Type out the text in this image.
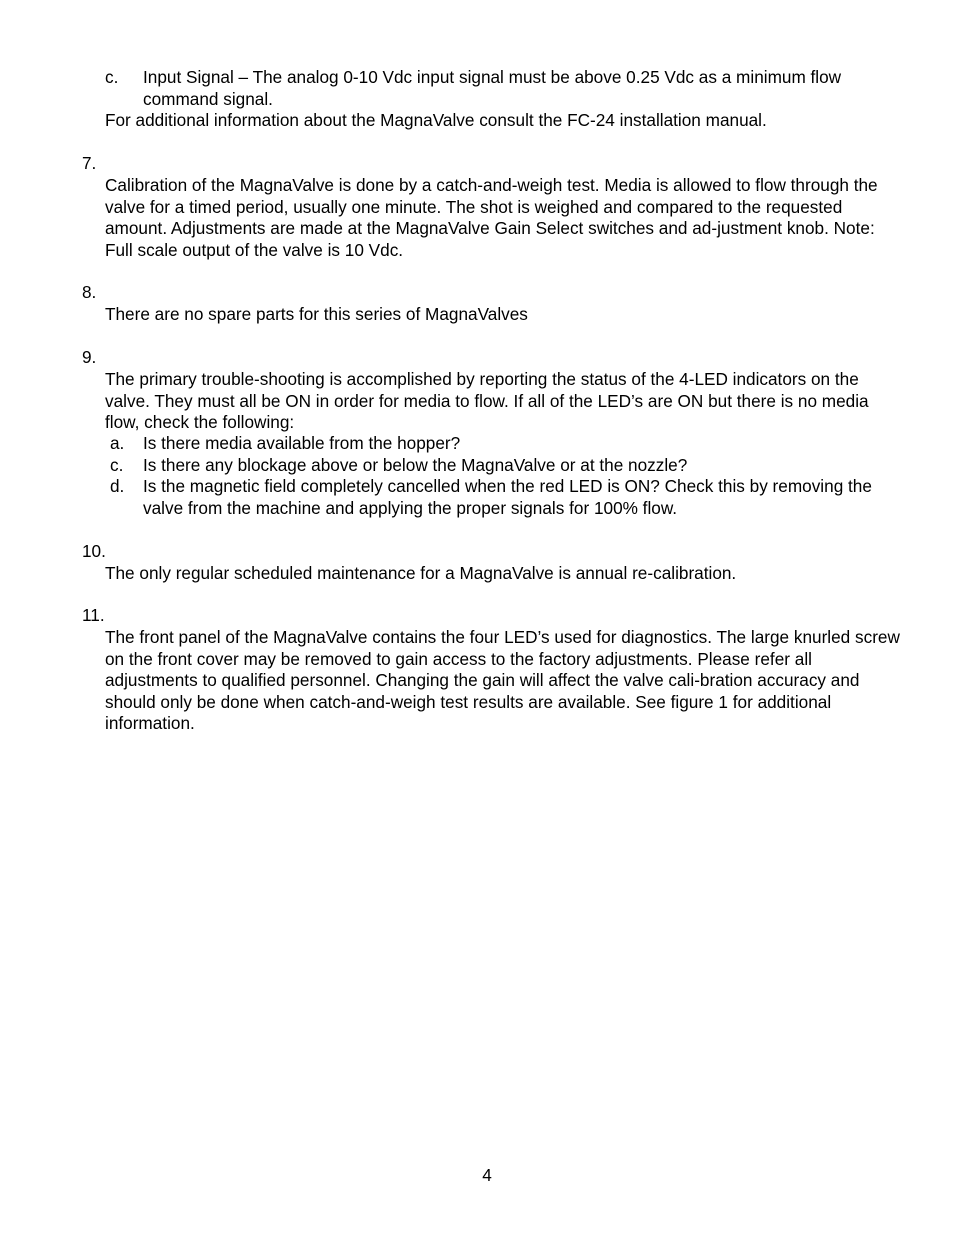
c.	Input Signal – The analog 0-10 Vdc input signal must be above 0.25 Vdc as a minimum flow command signal.

For additional information about the MagnaValve consult the FC-24 installation manual.

7.

Calibration of the MagnaValve is done by a catch-and-weigh test. Media is allowed to flow through the valve for a timed period, usually one minute. The shot is weighed and compared to the requested amount. Adjustments are made at the MagnaValve Gain Select switches and ad-justment knob. Note: Full scale output of the valve is 10 Vdc.

8.

There are no spare parts for this series of MagnaValves

9.

The primary trouble-shooting is accomplished by reporting the status of the 4-LED indicators on the valve. They must all be ON in order for media to flow. If all of the LED’s are ON but there is no media flow, check the following:

a.	Is there media available from the hopper?
c.	Is there any blockage above or below the MagnaValve or at the nozzle?
d.	Is the magnetic field completely cancelled when the red LED is ON? Check this by removing the valve from the machine and applying the proper signals for 100% flow.

10.

The only regular scheduled maintenance for a MagnaValve is annual re-calibration.

11.

The front panel of the MagnaValve contains the four LED’s used for diagnostics. The large knurled screw on the front cover may be removed to gain access to the factory adjustments. Please refer all adjustments to qualified personnel. Changing the gain will affect the valve cali-bration accuracy and should only be done when catch-and-weigh test results are available. See figure 1 for additional information.

4
